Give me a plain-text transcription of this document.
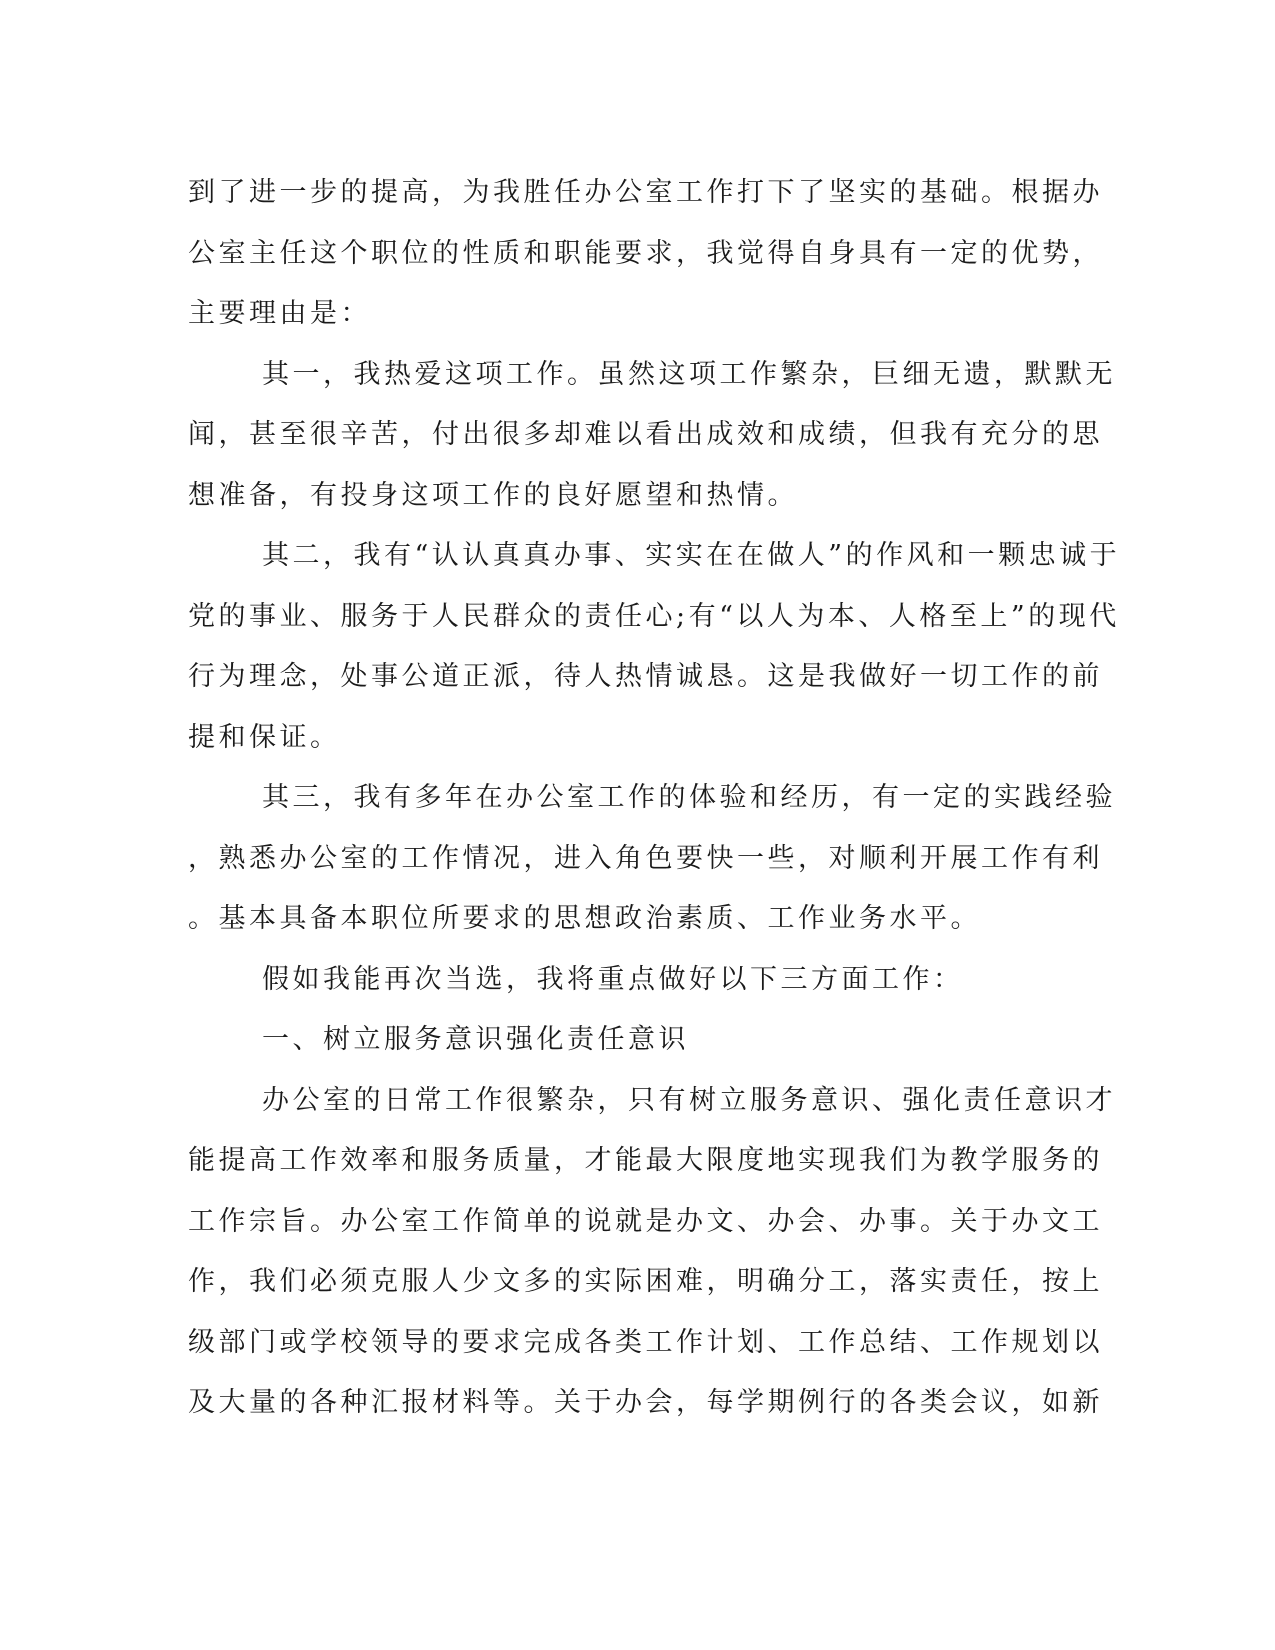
到了进一步的提高，为我胜任办公室工作打下了坚实的基础。根据办
公室主任这个职位的性质和职能要求，我觉得自身具有一定的优势，
主要理由是：

其一，我热爱这项工作。虽然这项工作繁杂，巨细无遗，默默无
闻，甚至很辛苦，付出很多却难以看出成效和成绩，但我有充分的思
想准备，有投身这项工作的良好愿望和热情。

其二，我有“认认真真办事、实实在在做人”的作风和一颗忠诚于
党的事业、服务于人民群众的责任心;有“以人为本、人格至上”的现代
行为理念，处事公道正派，待人热情诚恳。这是我做好一切工作的前
提和保证。

其三，我有多年在办公室工作的体验和经历，有一定的实践经验
，熟悉办公室的工作情况，进入角色要快一些，对顺利开展工作有利
。基本具备本职位所要求的思想政治素质、工作业务水平。

假如我能再次当选，我将重点做好以下三方面工作：

一、树立服务意识强化责任意识

办公室的日常工作很繁杂，只有树立服务意识、强化责任意识才
能提高工作效率和服务质量，才能最大限度地实现我们为教学服务的
工作宗旨。办公室工作简单的说就是办文、办会、办事。关于办文工
作，我们必须克服人少文多的实际困难，明确分工，落实责任，按上
级部门或学校领导的要求完成各类工作计划、工作总结、工作规划以
及大量的各种汇报材料等。关于办会，每学期例行的各类会议，如新
